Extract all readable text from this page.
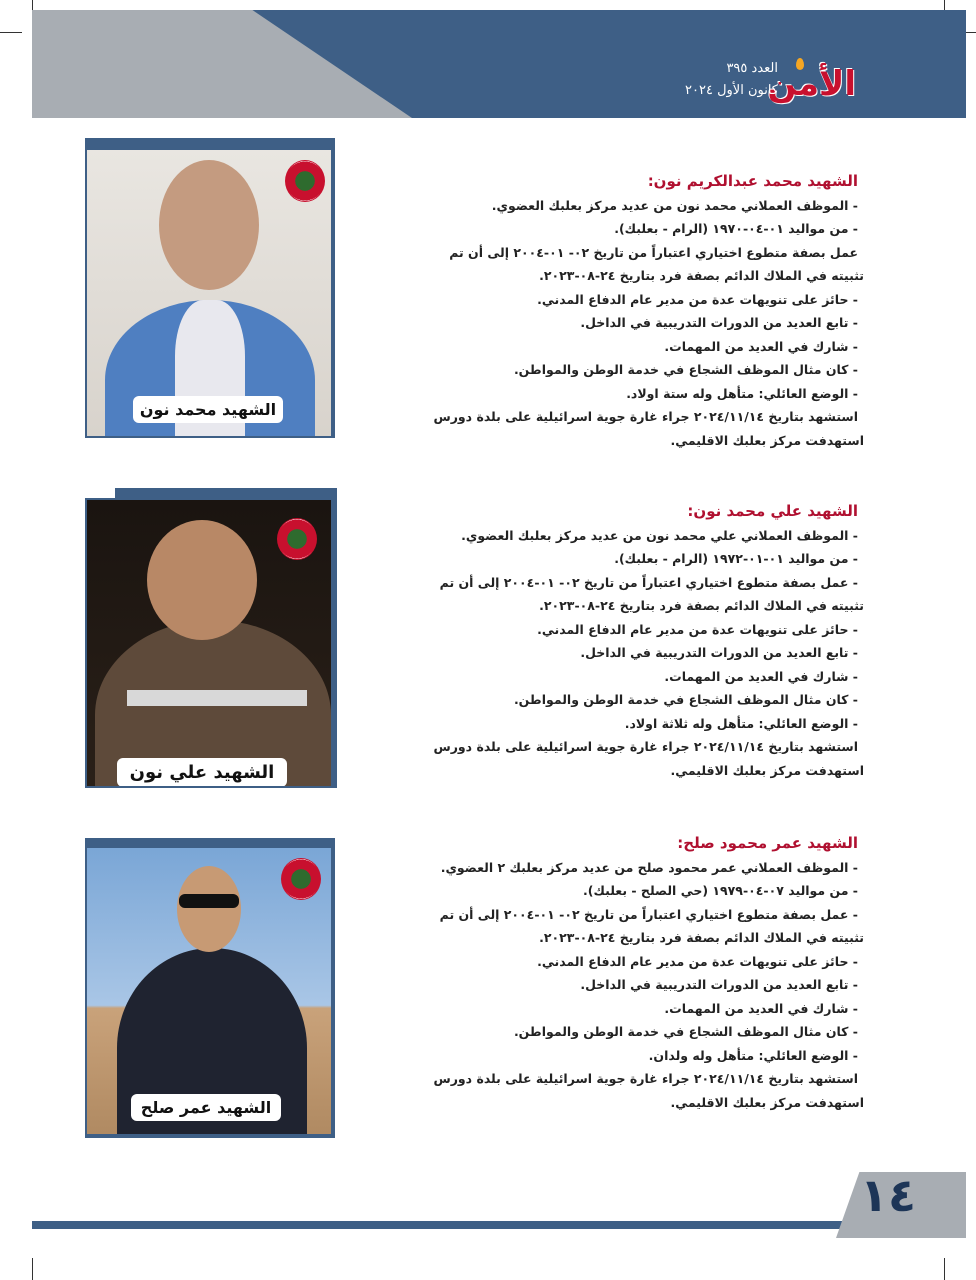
الأمن
العدد ٣٩٥
كانون الأول ٢٠٢٤
الشهيد محمد نون
الشهيد محمد عبدالكريم نون:
- الموظف العملاني محمد نون من عديد مركز بعلبك العضوي.
- من مواليد ٠١-٠٤-١٩٧٠ (الرام - بعلبك).
عمل بصفة متطوع اختياري اعتباراً من تاريخ ٠٢- ٠١-٢٠٠٤ إلى أن تم
تثبيته في الملاك الدائم بصفة فرد بتاريخ ٢٤-٠٨-٢٠٢٣.
- حائز على تنويهات عدة من مدير عام الدفاع المدني.
- تابع العديد من الدورات التدريبية في الداخل.
- شارك في العديد من المهمات.
- كان مثال الموظف الشجاع في خدمة الوطن والمواطن.
- الوضع العائلي: متأهل وله ستة اولاد.
استشهد بتاريخ ٢٠٢٤/١١/١٤ جراء غارة جوية اسرائيلية على بلدة دورس
استهدفت مركز بعلبك الاقليمي.
الشهيد علي نون
الشهيد علي محمد نون:
- الموظف العملاني علي محمد نون من عديد مركز بعلبك العضوي.
- من مواليد ٠١-٠١-١٩٧٢ (الرام - بعلبك).
- عمل بصفة متطوع اختياري اعتباراً من تاريخ ٠٢- ٠١-٢٠٠٤ إلى أن تم
تثبيته في الملاك الدائم بصفة فرد بتاريخ ٢٤-٠٨-٢٠٢٣.
- حائز على تنويهات عدة من مدير عام الدفاع المدني.
- تابع العديد من الدورات التدريبية في الداخل.
- شارك في العديد من المهمات.
- كان مثال الموظف الشجاع في خدمة الوطن والمواطن.
- الوضع العائلي: متأهل وله ثلاثة اولاد.
استشهد بتاريخ ٢٠٢٤/١١/١٤ جراء غارة جوية اسرائيلية على بلدة دورس
استهدفت مركز بعلبك الاقليمي.
الشهيد عمر صلح
الشهيد عمر محمود صلح:
- الموظف العملاني عمر محمود صلح من عديد مركز بعلبك ٢ العضوي.
- من مواليد ٠٧-٠٤-١٩٧٩ (حي الصلح - بعلبك).
- عمل بصفة متطوع اختياري اعتباراً من تاريخ ٠٢- ٠١-٢٠٠٤ إلى أن تم
تثبيته في الملاك الدائم بصفة فرد بتاريخ ٢٤-٠٨-٢٠٢٣.
- حائز على تنويهات عدة من مدير عام الدفاع المدني.
- تابع العديد من الدورات التدريبية في الداخل.
- شارك في العديد من المهمات.
- كان مثال الموظف الشجاع في خدمة الوطن والمواطن.
- الوضع العائلي: متأهل وله ولدان.
استشهد بتاريخ ٢٠٢٤/١١/١٤ جراء غارة جوية اسرائيلية على بلدة دورس
استهدفت مركز بعلبك الاقليمي.
١٤
